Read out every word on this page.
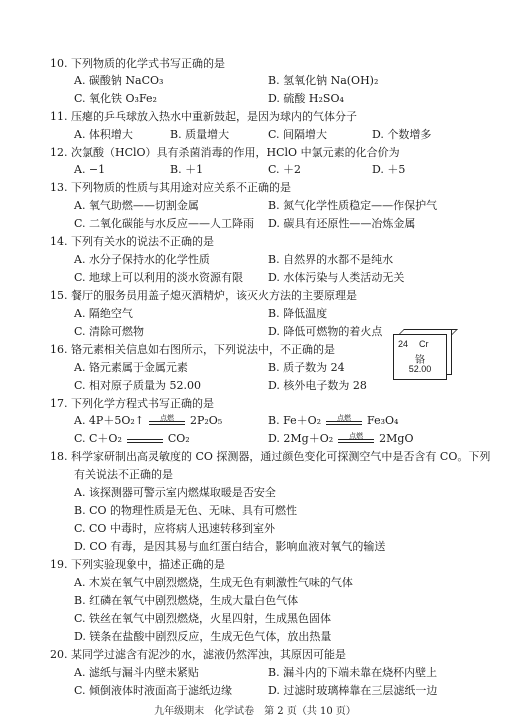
10. 下列物质的化学式书写正确的是
A. 碳酸钠 NaCO₃	B. 氢氧化钠 Na(OH)₂
C. 氧化铁 O₃Fe₂	D. 硫酸 H₂SO₄
11. 压瘪的乒乓球放入热水中重新鼓起，是因为球内的气体分子
A. 体积增大	B. 质量增大	C. 间隔增大	D. 个数增多
12. 次氯酸（HClO）具有杀菌消毒的作用，HClO 中氯元素的化合价为
A. −1	B. ＋1	C. ＋2	D. ＋5
13. 下列物质的性质与其用途对应关系不正确的是
A. 氧气助燃——切割金属	B. 氮气化学性质稳定——作保护气
C. 二氧化碳能与水反应——人工降雨 D. 碳具有还原性——冶炼金属
14. 下列有关水的说法不正确的是
A. 水分子保持水的化学性质	B. 自然界的水都不是纯水
C. 地球上可以利用的淡水资源有限 D. 水体污染与人类活动无关
15. 餐厅的服务员用盖子熄灭酒精炉，该灭火方法的主要原理是
A. 隔绝空气	B. 降低温度
C. 清除可燃物	D. 降低可燃物的着火点
16. 铬元素相关信息如右图所示，下列说法中，不正确的是
A. 铬元素属于金属元素	B. 质子数为 24
C. 相对原子质量为 52.00	D. 核外电子数为 28
24 Cr
铬
52.00
17. 下列化学方程式书写正确的是
A. 4P＋5O₂↑	点燃	2P₂O₅	B. Fe＋O₂	点燃	Fe₃O₄
C. C＋O₂	CO₂	D. 2Mg＋O₂	点燃	2MgO
18. 科学家研制出高灵敏度的 CO 探测器，通过颜色变化可探测空气中是否含有 CO。下列
有关说法不正确的是
A. 该探测器可警示室内燃煤取暖是否安全
B. CO 的物理性质是无色、无味、具有可燃性
C. CO 中毒时，应将病人迅速转移到室外
D. CO 有毒，是因其易与血红蛋白结合，影响血液对氧气的输送
19. 下列实验现象中，描述正确的是
A. 木炭在氧气中剧烈燃烧，生成无色有刺激性气味的气体
B. 红磷在氧气中剧烈燃烧，生成大量白色气体
C. 铁丝在氧气中剧烈燃烧，火星四射，生成黑色固体
D. 镁条在盐酸中剧烈反应，生成无色气体，放出热量
20. 某同学过滤含有泥沙的水，滤液仍然浑浊，其原因可能是
A. 滤纸与漏斗内壁未紧贴	B. 漏斗内的下端未靠在烧杯内壁上
C. 倾倒液体时液面高于滤纸边缘	D. 过滤时玻璃棒靠在三层滤纸一边
九年级期末　化学试卷　第 2 页（共 10 页）
